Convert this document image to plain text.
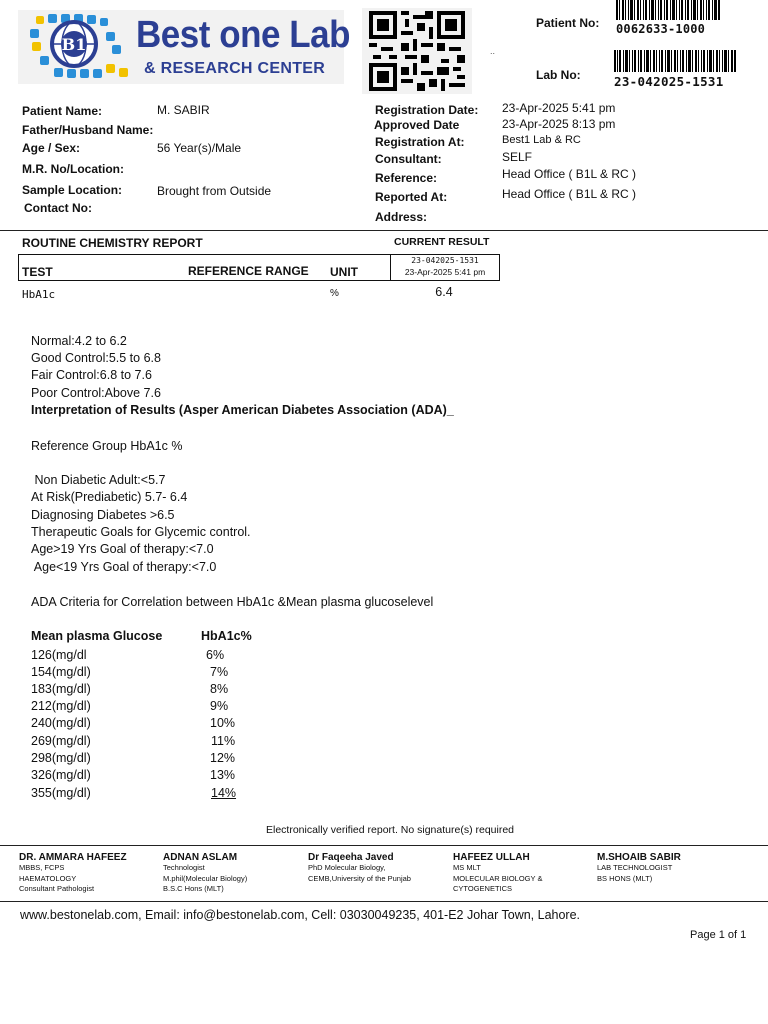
B1 Best one Lab
& RESEARCH CENTER
..
Patient No: 0062633-1000
Lab No:	23-042025-1531
Patient Name:	M. SABIR
Father/Husband Name:
Age / Sex:	56 Year(s)/Male
M.R. No/Location:
Sample Location:	Brought from Outside
Contact No:
Registration Date: 23-Apr-2025 5:41 pm
Approved Date	23-Apr-2025 8:13 pm
Registration At:	Best1 Lab & RC
Consultant:	SELF
Reference:	Head Office ( B1L & RC )
Reported At:	Head Office ( B1L & RC )
Address:
ROUTINE CHEMISTRY REPORT	CURRENT RESULT
TEST	REFERENCE RANGE UNIT
23-042025-1531
23-Apr-2025 5:41 pm
HbA1c	%	6.4
Normal:4.2 to 6.2
Good Control:5.5 to 6.8
Fair Control:6.8 to 7.6
Poor Control:Above 7.6
Interpretation of Results (Asper American Diabetes Association (ADA)_
Reference Group HbA1c %
Non Diabetic Adult:<5.7
At Risk(Prediabetic) 5.7- 6.4
Diagnosing Diabetes >6.5
Therapeutic Goals for Glycemic control.
Age>19 Yrs Goal of therapy:<7.0
Age<19 Yrs Goal of therapy:<7.0
ADA Criteria for Correlation between HbA1c &Mean plasma glucoselevel
Mean plasma Glucose	HbA1c%
126(mg/dl	6%
154(mg/dl)	7%
183(mg/dl)	8%
212(mg/dl)	9%
240(mg/dl)	10%
269(mg/dl)	11%
298(mg/dl)	12%
326(mg/dl)	13%
355(mg/dl)	14%
Electronically verified report. No signature(s) required
DR. AMMARA HAFEEZ
MBBS, FCPS
HAEMATOLOGY
Consultant Pathologist
ADNAN ASLAM
Technologist
M.phil(Molecular Biology)
B.S.C Hons (MLT)
Dr Faqeeha Javed
PhD Molecular Biology,
CEMB,University of the Punjab
HAFEEZ ULLAH
MS MLT
MOLECULAR BIOLOGY &
CYTOGENETICS
M.SHOAIB SABIR
LAB TECHNOLOGIST
BS HONS (MLT)
www.bestonelab.com, Email: info@bestonelab.com, Cell: 03030049235, 401-E2 Johar Town, Lahore.
Page 1 of 1
